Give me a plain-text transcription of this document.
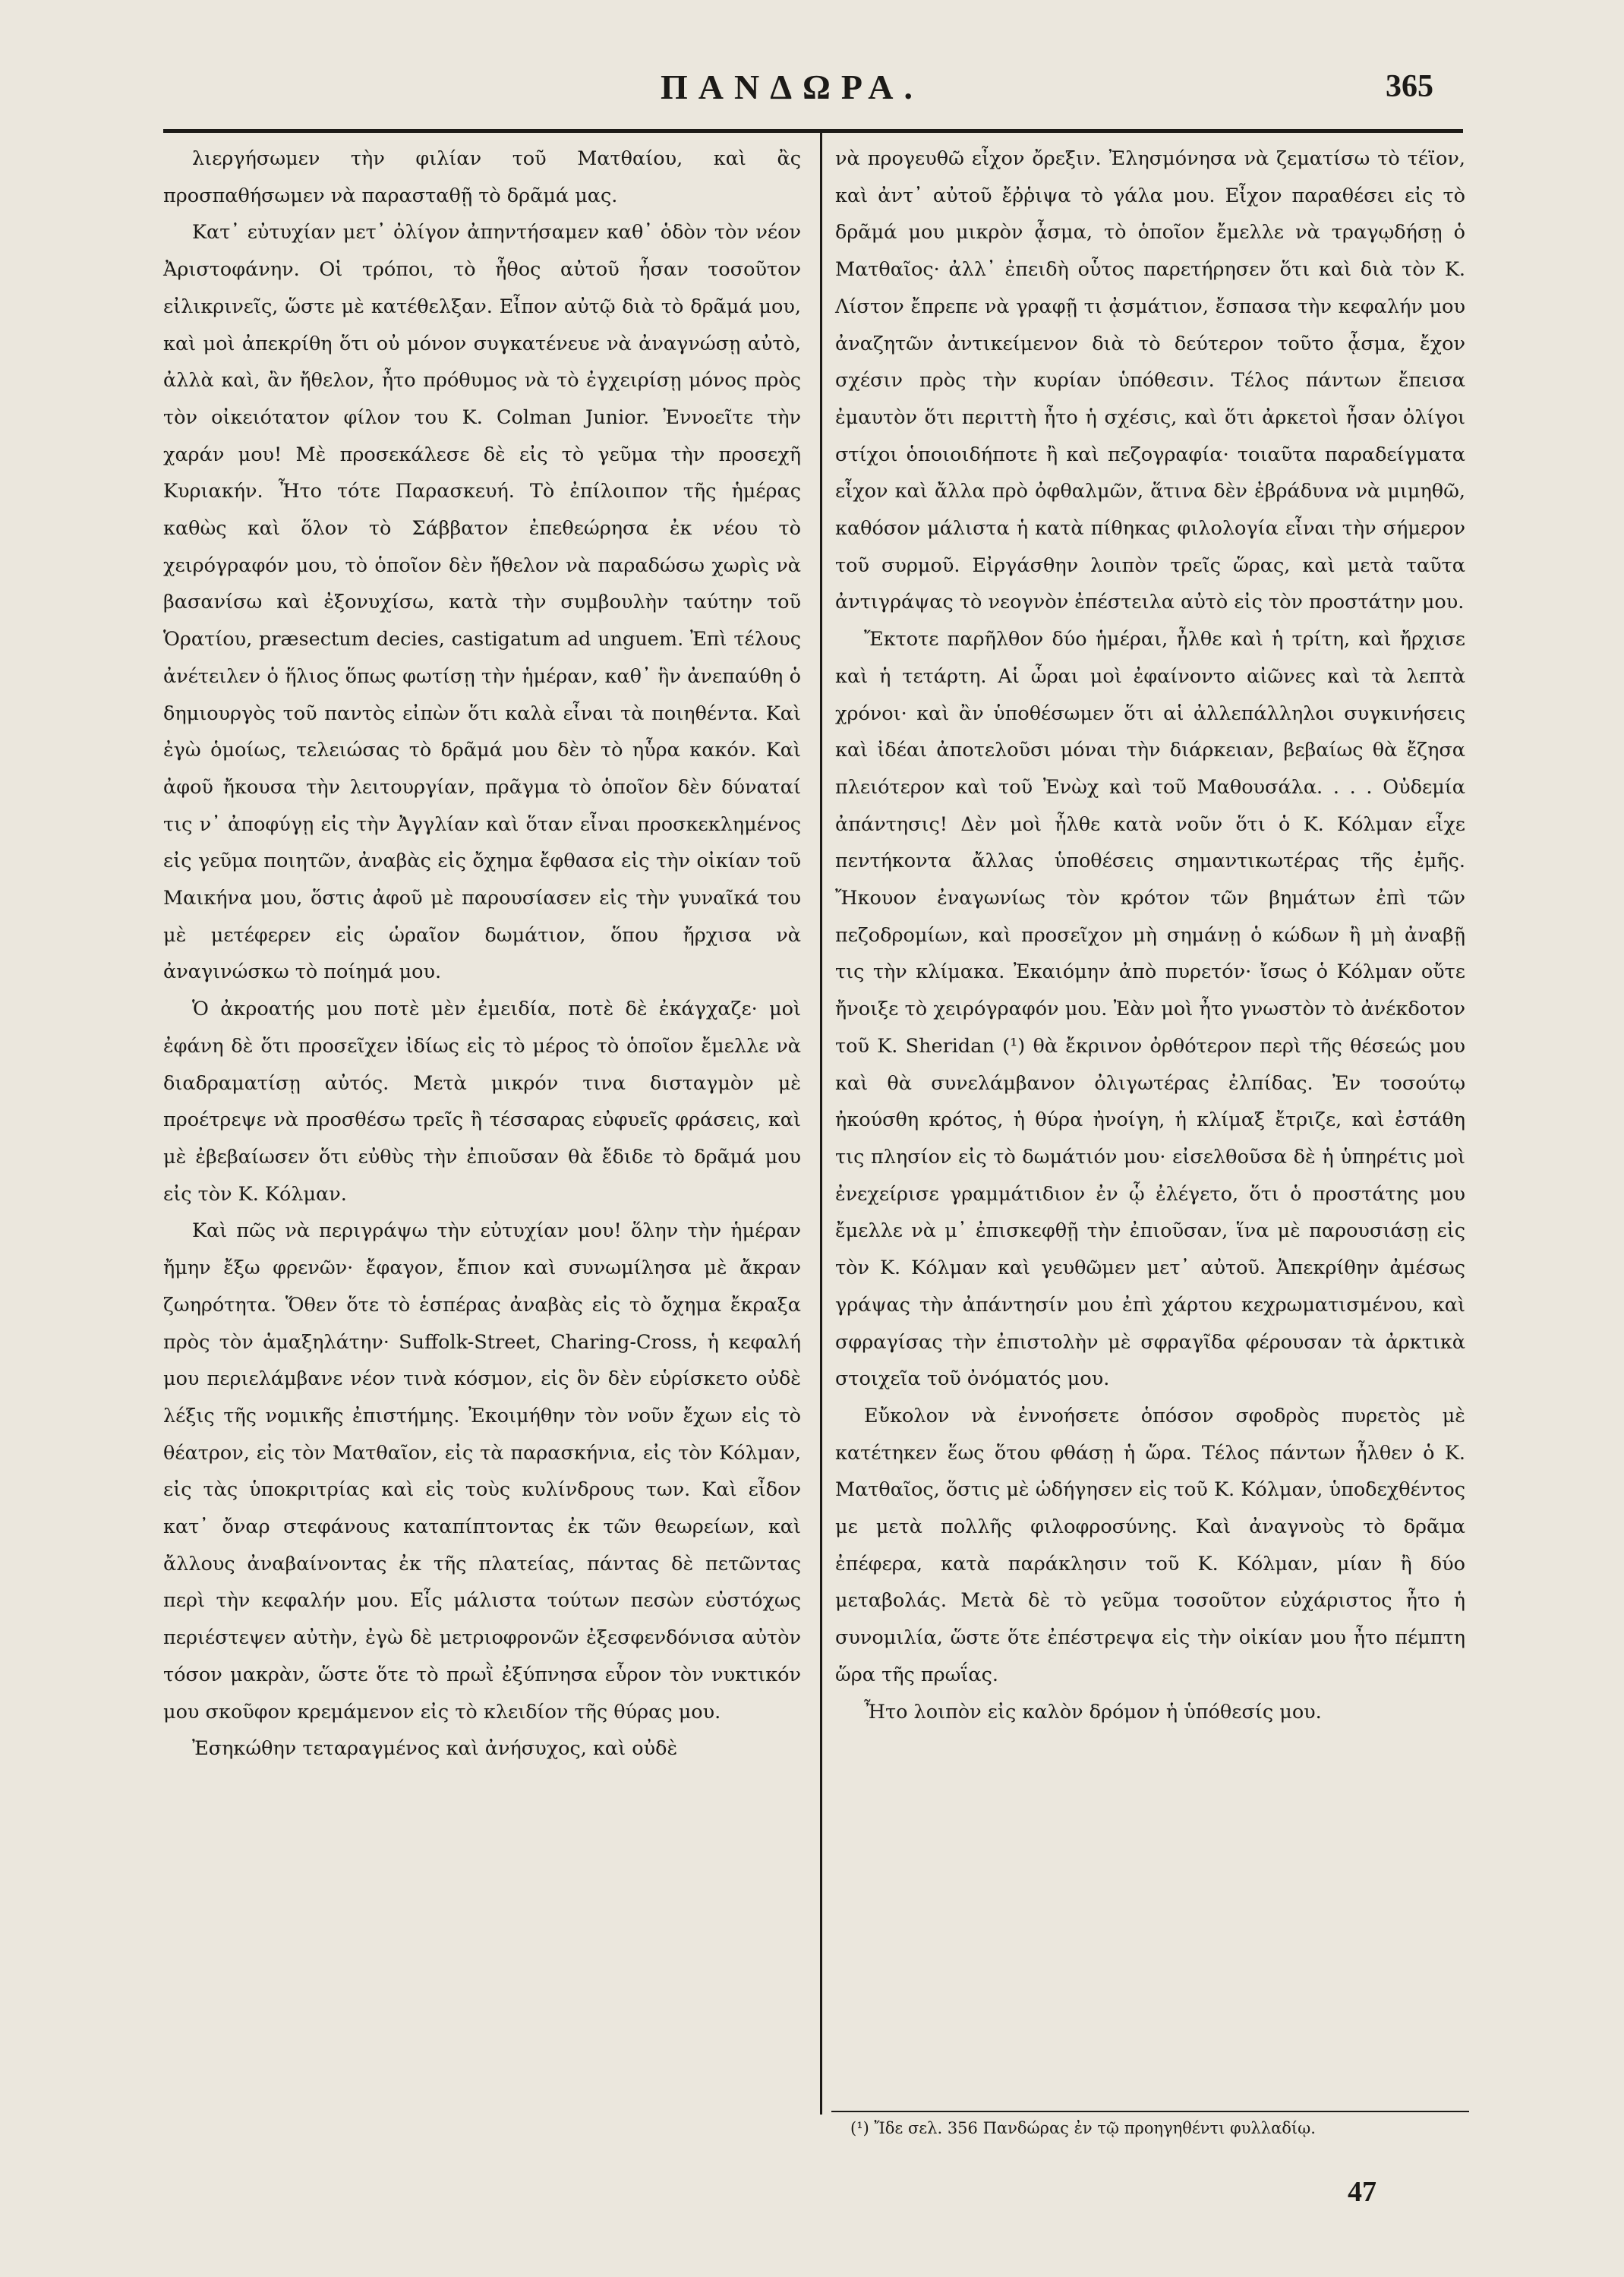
ΠΑΝΔΩΡΑ.	365

λιεργήσωμεν τὴν φιλίαν τοῦ Ματθαίου, καὶ ἂς προσπαθήσωμεν νὰ παρασταθῇ τὸ δρᾶμά μας.

Κατ᾽ εὐτυχίαν μετ᾽ ὀλίγον ἀπηντήσαμεν καθ᾽ ὁδὸν τὸν νέον Ἀριστοφάνην. Οἱ τρόποι, τὸ ἦθος αὐτοῦ ἦσαν τοσοῦτον εἰλικρινεῖς, ὥστε μὲ κατέθελξαν. Εἶπον αὐτῷ διὰ τὸ δρᾶμά μου, καὶ μοὶ ἀπεκρίθη ὅτι οὐ μόνον συγκατένευε νὰ ἀναγνώσῃ αὐτὸ, ἀλλὰ καὶ, ἂν ἤθελον, ἦτο πρόθυμος νὰ τὸ ἐγχειρίσῃ μόνος πρὸς τὸν οἰκειότατον φίλον του Κ. Colman Junior. Ἐννοεῖτε τὴν χαράν μου! Μὲ προσεκάλεσε δὲ εἰς τὸ γεῦμα τὴν προσεχῆ Κυριακήν. Ἦτο τότε Παρασκευή. Τὸ ἐπίλοιπον τῆς ἡμέρας καθὼς καὶ ὅλον τὸ Σάββατον ἐπεθεώρησα ἐκ νέου τὸ χειρόγραφόν μου, τὸ ὁποῖον δὲν ἤθελον νὰ παραδώσω χωρὶς νὰ βασανίσω καὶ ἐξονυχίσω, κατὰ τὴν συμβουλὴν ταύτην τοῦ Ὁρατίου, præsectum decies, castigatum ad unguem. Ἐπὶ τέλους ἀνέτειλεν ὁ ἥλιος ὅπως φωτίσῃ τὴν ἡμέραν, καθ᾽ ἣν ἀνεπαύθη ὁ δημιουργὸς τοῦ παντὸς εἰπὼν ὅτι καλὰ εἶναι τὰ ποιηθέντα. Καὶ ἐγὼ ὁμοίως, τελειώσας τὸ δρᾶμά μου δὲν τὸ ηὗρα κακόν. Καὶ ἀφοῦ ἤκουσα τὴν λειτουργίαν, πρᾶγμα τὸ ὁποῖον δὲν δύναταί τις ν᾽ ἀποφύγῃ εἰς τὴν Ἀγγλίαν καὶ ὅταν εἶναι προσκεκλημένος εἰς γεῦμα ποιητῶν, ἀναβὰς εἰς ὄχημα ἔφθασα εἰς τὴν οἰκίαν τοῦ Μαικήνα μου, ὅστις ἀφοῦ μὲ παρουσίασεν εἰς τὴν γυναῖκά του μὲ μετέφερεν εἰς ὡραῖον δωμάτιον, ὅπου ἤρχισα νὰ ἀναγινώσκω τὸ ποίημά μου.

Ὁ ἀκροατής μου ποτὲ μὲν ἐμειδία, ποτὲ δὲ ἐκάγχαζε· μοὶ ἐφάνη δὲ ὅτι προσεῖχεν ἰδίως εἰς τὸ μέρος τὸ ὁποῖον ἔμελλε νὰ διαδραματίσῃ αὐτός. Μετὰ μικρόν τινα δισταγμὸν μὲ προέτρεψε νὰ προσθέσω τρεῖς ἢ τέσσαρας εὐφυεῖς φράσεις, καὶ μὲ ἐβεβαίωσεν ὅτι εὐθὺς τὴν ἐπιοῦσαν θὰ ἔδιδε τὸ δρᾶμά μου εἰς τὸν Κ. Κόλμαν.

Καὶ πῶς νὰ περιγράψω τὴν εὐτυχίαν μου! ὅλην τὴν ἡμέραν ἤμην ἔξω φρενῶν· ἔφαγον, ἔπιον καὶ συνωμίλησα μὲ ἄκραν ζωηρότητα. Ὅθεν ὅτε τὸ ἑσπέρας ἀναβὰς εἰς τὸ ὄχημα ἔκραξα πρὸς τὸν ἁμαξηλάτην· Suffolk-Street, Charing-Cross, ἡ κεφαλή μου περιελάμβανε νέον τινὰ κόσμον, εἰς ὃν δὲν εὑρίσκετο οὐδὲ λέξις τῆς νομικῆς ἐπιστήμης. Ἐκοιμήθην τὸν νοῦν ἔχων εἰς τὸ θέατρον, εἰς τὸν Ματθαῖον, εἰς τὰ παρασκήνια, εἰς τὸν Κόλμαν, εἰς τὰς ὑποκριτρίας καὶ εἰς τοὺς κυλίνδρους των. Καὶ εἶδον κατ᾽ ὄναρ στεφάνους καταπίπτοντας ἐκ τῶν θεωρείων, καὶ ἄλλους ἀναβαίνοντας ἐκ τῆς πλατείας, πάντας δὲ πετῶντας περὶ τὴν κεφαλήν μου. Εἷς μάλιστα τούτων πεσὼν εὐστόχως περιέστεψεν αὐτὴν, ἐγὼ δὲ μετριοφρονῶν ἐξεσφενδόνισα αὐτὸν τόσον μακρὰν, ὥστε ὅτε τὸ πρωῒ ἐξύπνησα εὗρον τὸν νυκτικόν μου σκοῦφον κρεμάμενον εἰς τὸ κλειδίον τῆς θύρας μου.

Ἐσηκώθην τεταραγμένος καὶ ἀνήσυχος, καὶ οὐδὲ

νὰ προγευθῶ εἶχον ὄρεξιν. Ἐλησμόνησα νὰ ζεματίσω τὸ τέϊον, καὶ ἀντ᾽ αὐτοῦ ἔῤῥιψα τὸ γάλα μου. Εἶχον παραθέσει εἰς τὸ δρᾶμά μου μικρὸν ᾆσμα, τὸ ὁποῖον ἔμελλε νὰ τραγῳδήσῃ ὁ Ματθαῖος· ἀλλ᾽ ἐπειδὴ οὗτος παρετήρησεν ὅτι καὶ διὰ τὸν Κ. Λίστον ἔπρεπε νὰ γραφῇ τι ᾀσμάτιον, ἔσπασα τὴν κεφαλήν μου ἀναζητῶν ἀντικείμενον διὰ τὸ δεύτερον τοῦτο ᾆσμα, ἔχον σχέσιν πρὸς τὴν κυρίαν ὑπόθεσιν. Τέλος πάντων ἔπεισα ἐμαυτὸν ὅτι περιττὴ ἦτο ἡ σχέσις, καὶ ὅτι ἀρκετοὶ ἦσαν ὀλίγοι στίχοι ὁποιοιδήποτε ἢ καὶ πεζογραφία· τοιαῦτα παραδείγματα εἶχον καὶ ἄλλα πρὸ ὀφθαλμῶν, ἅτινα δὲν ἐβράδυνα νὰ μιμηθῶ, καθόσον μάλιστα ἡ κατὰ πίθηκας φιλολογία εἶναι τὴν σήμερον τοῦ συρμοῦ. Εἰργάσθην λοιπὸν τρεῖς ὥρας, καὶ μετὰ ταῦτα ἀντιγράψας τὸ νεογνὸν ἐπέστειλα αὐτὸ εἰς τὸν προστάτην μου.

Ἔκτοτε παρῆλθον δύο ἡμέραι, ἦλθε καὶ ἡ τρίτη, καὶ ἤρχισε καὶ ἡ τετάρτη. Αἱ ὧραι μοὶ ἐφαίνοντο αἰῶνες καὶ τὰ λεπτὰ χρόνοι· καὶ ἂν ὑποθέσωμεν ὅτι αἱ ἀλλεπάλληλοι συγκινήσεις καὶ ἰδέαι ἀποτελοῦσι μόναι τὴν διάρκειαν, βεβαίως θὰ ἔζησα πλειότερον καὶ τοῦ Ἐνὼχ καὶ τοῦ Μαθουσάλα. . . . Οὐδεμία ἀπάντησις! Δὲν μοὶ ἦλθε κατὰ νοῦν ὅτι ὁ Κ. Κόλμαν εἶχε πεντήκοντα ἄλλας ὑποθέσεις σημαντικωτέρας τῆς ἐμῆς. Ἤκουον ἐναγωνίως τὸν κρότον τῶν βημάτων ἐπὶ τῶν πεζοδρομίων, καὶ προσεῖχον μὴ σημάνῃ ὁ κώδων ἢ μὴ ἀναβῇ τις τὴν κλίμακα. Ἐκαιόμην ἀπὸ πυρετόν· ἴσως ὁ Κόλμαν οὔτε ἤνοιξε τὸ χειρόγραφόν μου. Ἐὰν μοὶ ἦτο γνωστὸν τὸ ἀνέκδοτον τοῦ Κ. Sheridan (¹) θὰ ἔκρινον ὀρθότερον περὶ τῆς θέσεώς μου καὶ θὰ συνελάμβανον ὀλιγωτέρας ἐλπίδας. Ἐν τοσούτῳ ἠκούσθη κρότος, ἡ θύρα ἠνοίγη, ἡ κλίμαξ ἔτριζε, καὶ ἐστάθη τις πλησίον εἰς τὸ δωμάτιόν μου· εἰσελθοῦσα δὲ ἡ ὑπηρέτις μοὶ ἐνεχείρισε γραμμάτιδιον ἐν ᾧ ἐλέγετο, ὅτι ὁ προστάτης μου ἔμελλε νὰ μ᾽ ἐπισκεφθῇ τὴν ἐπιοῦσαν, ἵνα μὲ παρουσιάσῃ εἰς τὸν Κ. Κόλμαν καὶ γευθῶμεν μετ᾽ αὐτοῦ. Ἀπεκρίθην ἀμέσως γράψας τὴν ἀπάντησίν μου ἐπὶ χάρτου κεχρωματισμένου, καὶ σφραγίσας τὴν ἐπιστολὴν μὲ σφραγῖδα φέρουσαν τὰ ἀρκτικὰ στοιχεῖα τοῦ ὀνόματός μου.

Εὔκολον νὰ ἐννοήσετε ὁπόσον σφοδρὸς πυρετὸς μὲ κατέτηκεν ἕως ὅτου φθάσῃ ἡ ὥρα. Τέλος πάντων ἦλθεν ὁ Κ. Ματθαῖος, ὅστις μὲ ὡδήγησεν εἰς τοῦ Κ. Κόλμαν, ὑποδεχθέντος με μετὰ πολλῆς φιλοφροσύνης. Καὶ ἀναγνοὺς τὸ δρᾶμα ἐπέφερα, κατὰ παράκλησιν τοῦ Κ. Κόλμαν, μίαν ἢ δύο μεταβολάς. Μετὰ δὲ τὸ γεῦμα τοσοῦτον εὐχάριστος ἦτο ἡ συνομιλία, ὥστε ὅτε ἐπέστρεψα εἰς τὴν οἰκίαν μου ἦτο πέμπτη ὥρα τῆς πρωΐας.

Ἦτο λοιπὸν εἰς καλὸν δρόμον ἡ ὑπόθεσίς μου.

(¹) Ἴδε σελ. 356 Πανδώρας ἐν τῷ προηγηθέντι φυλλαδίῳ.
47
